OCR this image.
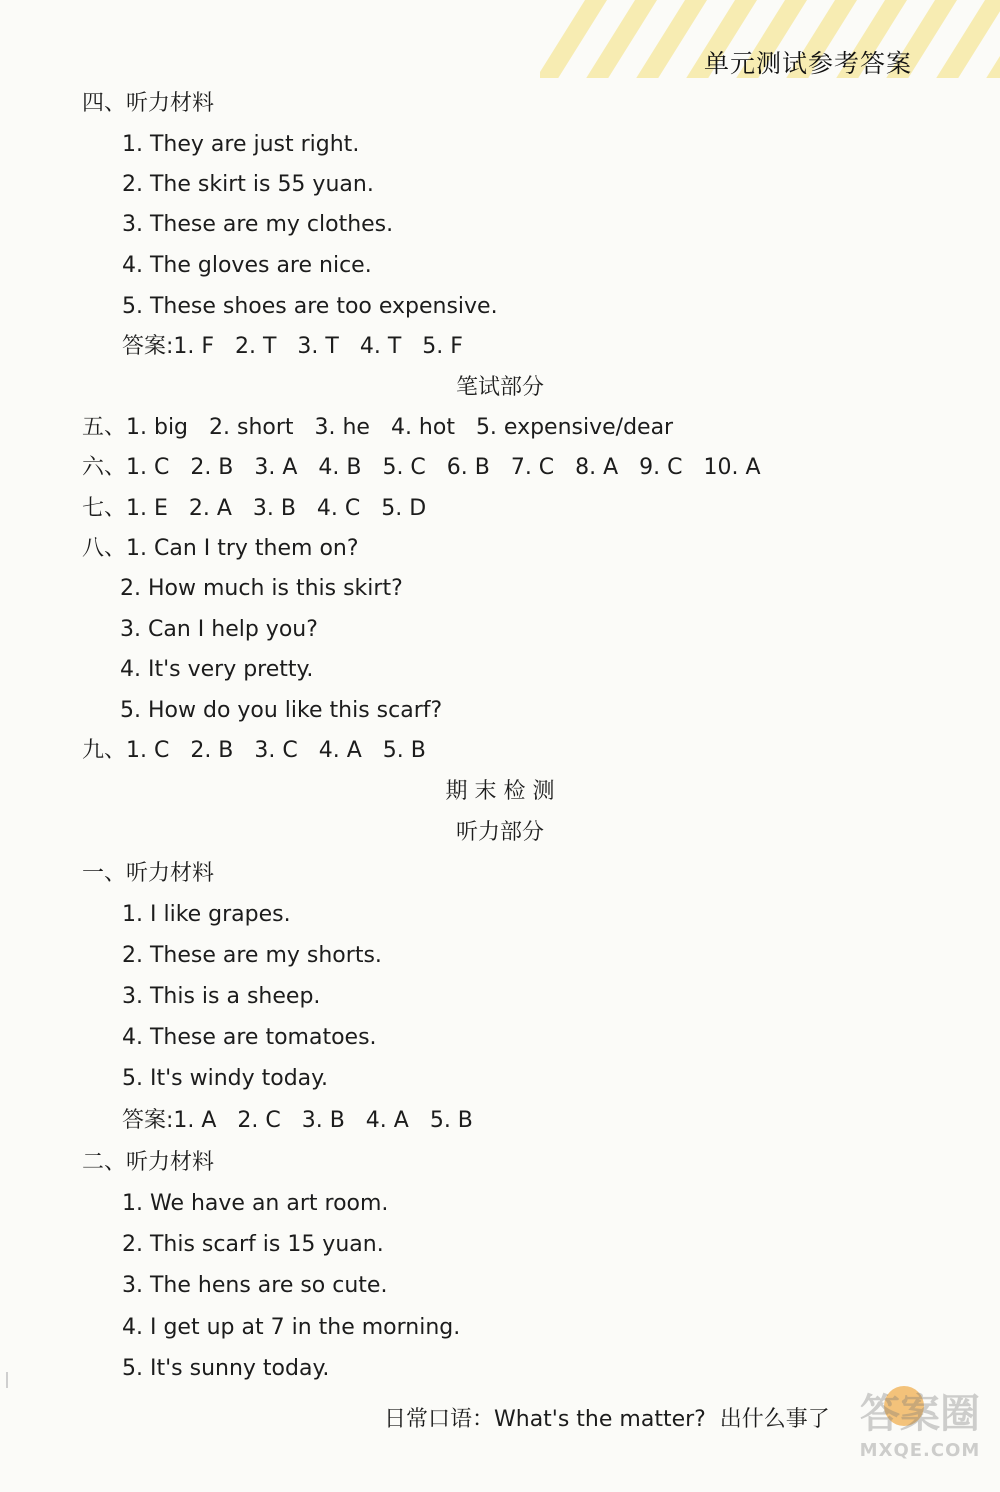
单元测试参考答案
四、听力材料
1. They are just right.
2. The skirt is 55 yuan.
3. These are my clothes.
4. The gloves are nice.
5. These shoes are too expensive.
答案:1. F   2. T   3. T   4. T   5. F
五、1. big   2. short   3. he   4. hot   5. expensive/dear
六、1. C   2. B   3. A   4. B   5. C   6. B   7. C   8. A   9. C   10. A
七、1. E   2. A   3. B   4. C   5. D
八、1. Can I try them on?
2. How much is this skirt?
3. Can I help you?
4. It's very pretty.
5. How do you like this scarf?
九、1. C   2. B   3. C   4. A   5. B
一、听力材料
1. I like grapes.
2. These are my shorts.
3. This is a sheep.
4. These are tomatoes.
5. It's windy today.
答案:1. A   2. C   3. B   4. A   5. B
二、听力材料
1. We have an art room.
2. This scarf is 15 yuan.
3. The hens are so cute.
4. I get up at 7 in the morning.
5. It's sunny today.
笔试部分
期 末 检 测
听力部分
日常口语：What's the matter?  出什么事了 答案圈
MXQE.COM
